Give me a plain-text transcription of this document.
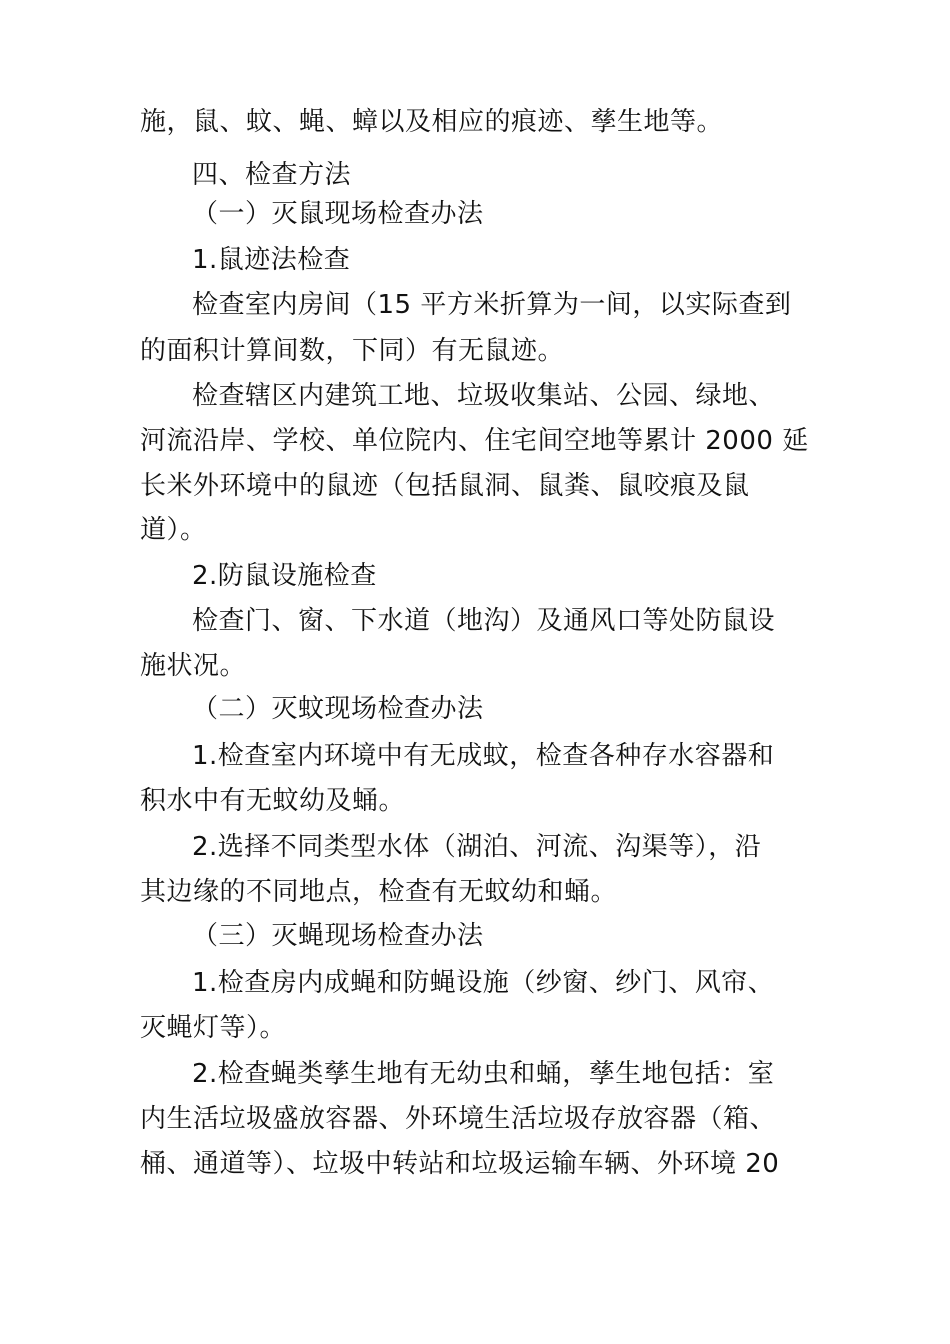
施，鼠、蚊、蝇、蟑以及相应的痕迹、孳生地等。
四、检查方法
（一）灭鼠现场检查办法
1.鼠迹法检查
检查室内房间（15 平方米折算为一间，以实际查到
的面积计算间数，下同）有无鼠迹。
检查辖区内建筑工地、垃圾收集站、公园、绿地、
河流沿岸、学校、单位院内、住宅间空地等累计 2000 延
长米外环境中的鼠迹（包括鼠洞、鼠粪、鼠咬痕及鼠
道）。
2.防鼠设施检查
检查门、窗、下水道（地沟）及通风口等处防鼠设
施状况。
（二）灭蚊现场检查办法
1.检查室内环境中有无成蚊，检查各种存水容器和
积水中有无蚊幼及蛹。
2.选择不同类型水体（湖泊、河流、沟渠等），沿
其边缘的不同地点，检查有无蚊幼和蛹。
（三）灭蝇现场检查办法
1.检查房内成蝇和防蝇设施（纱窗、纱门、风帘、
灭蝇灯等）。
2.检查蝇类孳生地有无幼虫和蛹，孳生地包括：室
内生活垃圾盛放容器、外环境生活垃圾存放容器（箱、
桶、通道等）、垃圾中转站和垃圾运输车辆、外环境 20
